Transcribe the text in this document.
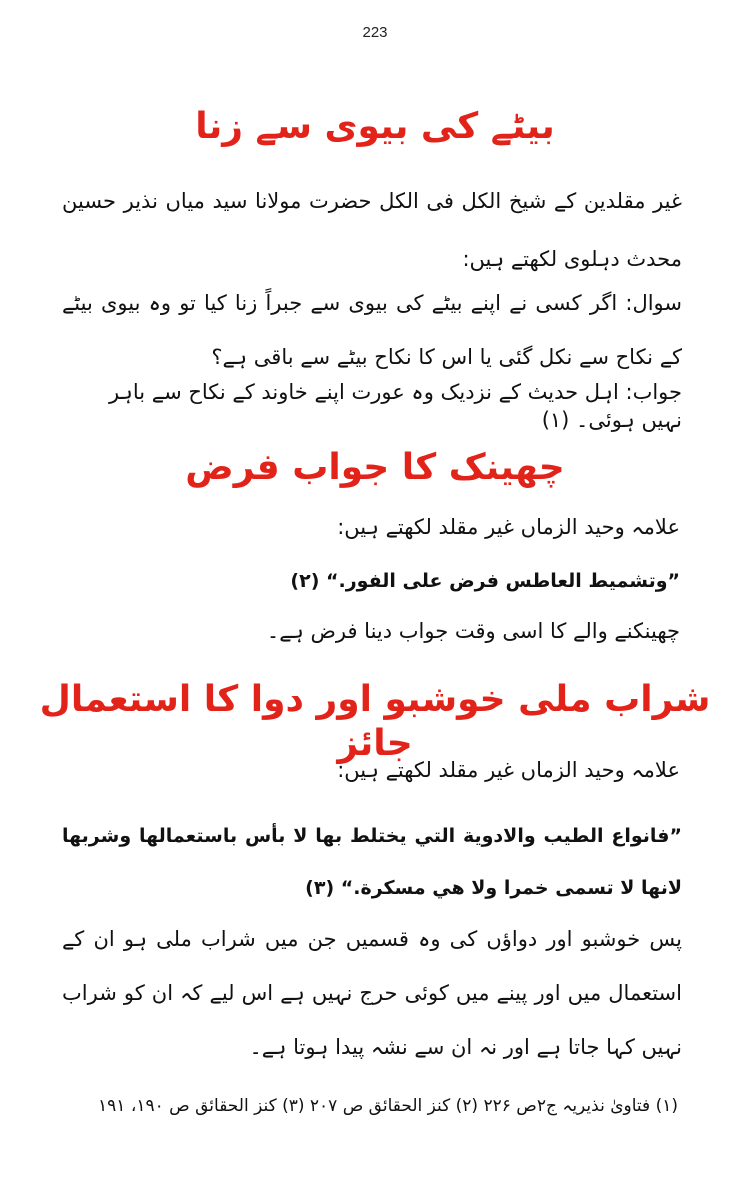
223
بیٹے کی بیوی سے زنا
غیر مقلدین کے شیخ الکل فی الکل حضرت مولانا سید میاں نذیر حسین محدث دہلوی لکھتے ہیں:
سوال: اگر کسی نے اپنے بیٹے کی بیوی سے جبراً زنا کیا تو وہ بیوی بیٹے کے نکاح سے نکل گئی یا اس کا نکاح بیٹے سے باقی ہے؟
جواب: اہل حدیث کے نزدیک وہ عورت اپنے خاوند کے نکاح سے باہر نہیں ہوئی۔ (۱)
چھینک کا جواب فرض
علامہ وحید الزماں غیر مقلد لکھتے ہیں:
”وتشميط العاطس فرض على الفور.“ (٢)
چھینکنے والے کا اسی وقت جواب دینا فرض ہے۔
شراب ملی خوشبو اور دوا کا استعمال جائز
علامہ وحید الزماں غیر مقلد لکھتے ہیں:
”فانواع الطيب والادوية التي يختلط بها لا بأس باستعمالها وشربها لانها لا تسمى خمرا ولا هي مسكرة.“ (٣)
پس خوشبو اور دواؤں کی وہ قسمیں جن میں شراب ملی ہو ان کے استعمال میں اور پینے میں کوئی حرج نہیں ہے اس لیے کہ ان کو شراب نہیں کہا جاتا ہے اور نہ ان سے نشہ پیدا ہوتا ہے۔
(۱) فتاویٰ نذیریہ ج۲ص ۲۲۶ (۲) کنز الحقائق ص ۲۰۷ (۳) کنز الحقائق ص ۱۹۰، ۱۹۱
